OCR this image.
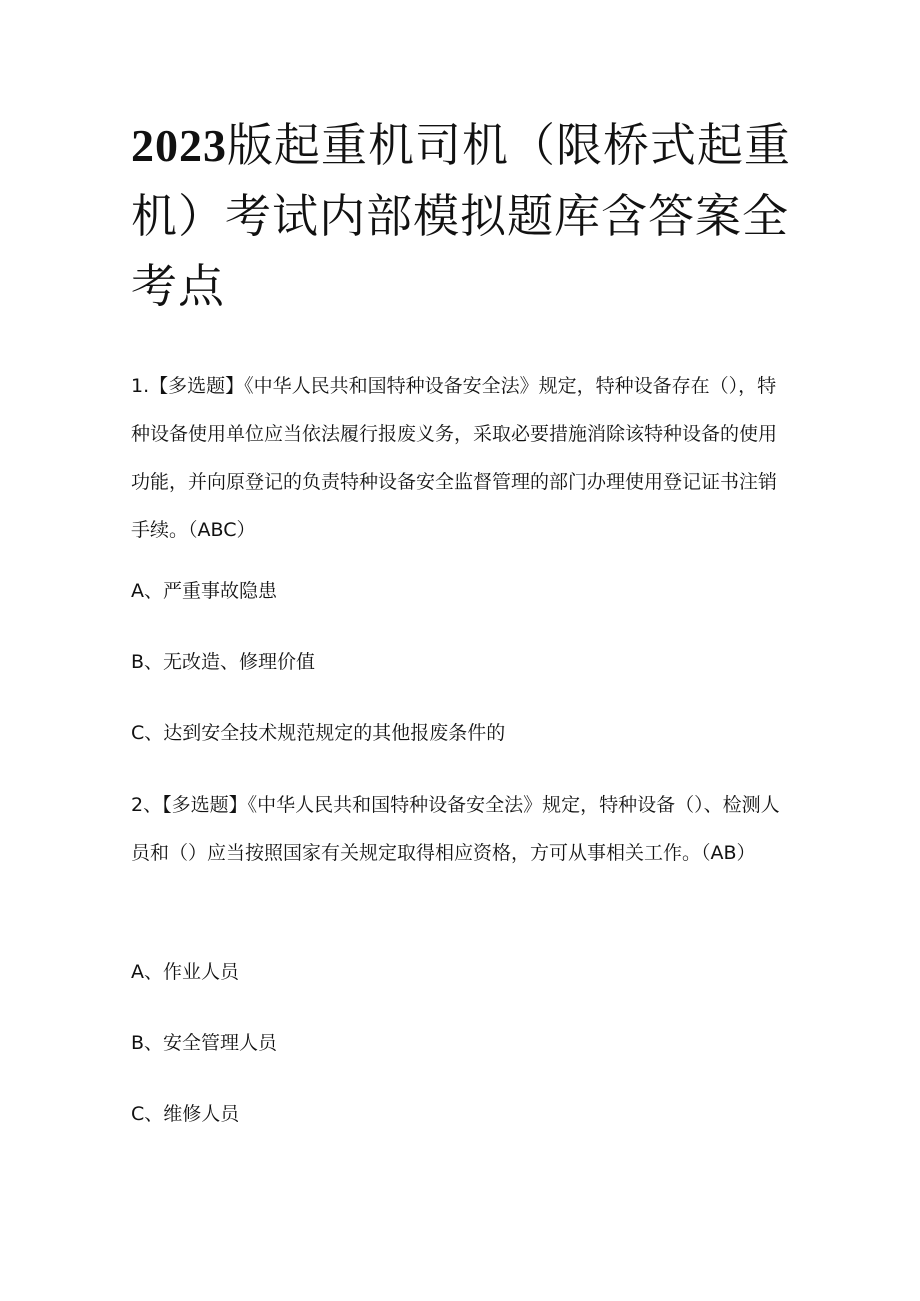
2023版起重机司机（限桥式起重机）考试内部模拟题库含答案全考点

1.【多选题】《中华人民共和国特种设备安全法》规定，特种设备存在（），特种设备使用单位应当依法履行报废义务，采取必要措施消除该特种设备的使用功能，并向原登记的负责特种设备安全监督管理的部门办理使用登记证书注销手续。（ABC）

A、严重事故隐患

B、无改造、修理价值

C、达到安全技术规范规定的其他报废条件的

2、【多选题】《中华人民共和国特种设备安全法》规定，特种设备（）、检测人员和（）应当按照国家有关规定取得相应资格，方可从事相关工作。（AB）

A、作业人员

B、安全管理人员

C、维修人员
